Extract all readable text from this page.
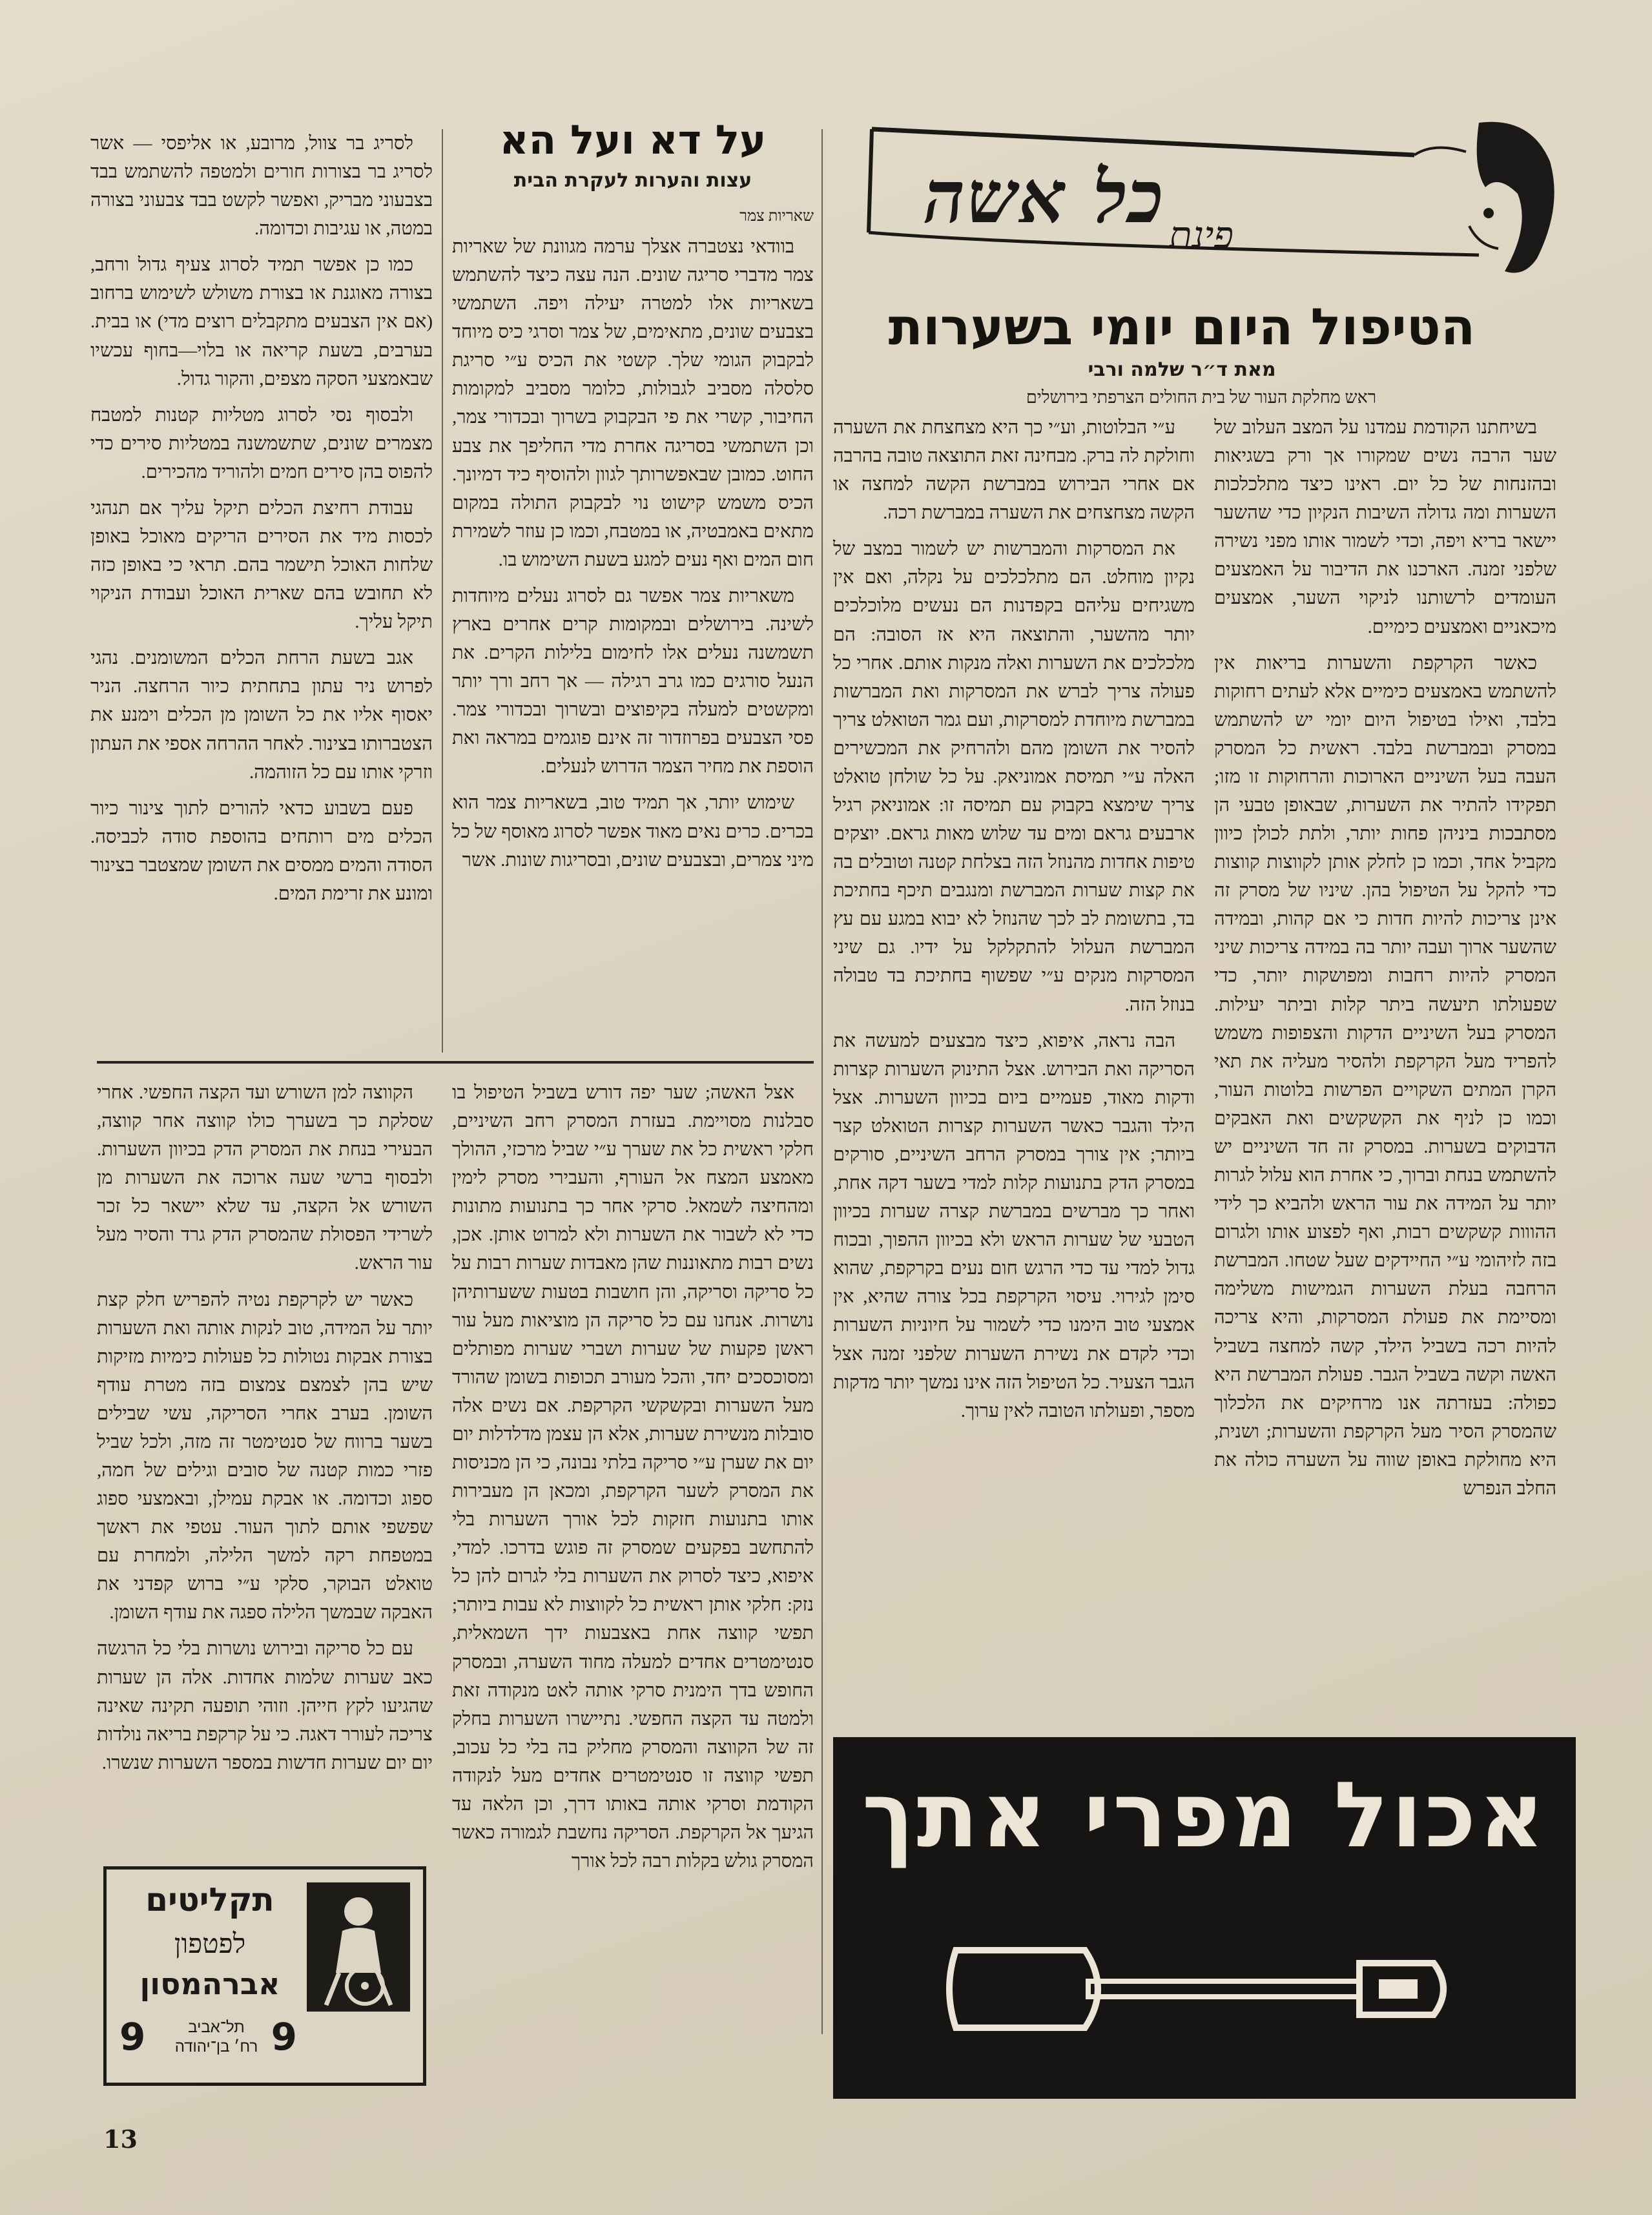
פינת
כל אשה
הטיפול היום יומי בשערות
מאת ד״ר שלמה ורבי
ראש מחלקת העור של בית החולים הצרפתי בירושלים

בשיחתנו הקודמת עמדנו על המצב העלוב של שער הרבה נשים שמקורו אך ורק בשגיאות ובהזנחות של כל יום. ראינו כיצד מתלכלכות השערות ומה גדולה השיבות הנקיון כדי שהשער יישאר בריא ויפה, וכדי לשמור אותו מפני נשירה שלפני זמנה. הארכנו את הדיבור על האמצעים העומדים לרשותנו לניקוי השער, אמצעים מיכאניים ואמצעים כימיים.

כאשר הקרקפת והשערות בריאות אין להשתמש באמצעים כימיים אלא לעתים רחוקות בלבד, ואילו בטיפול היום יומי יש להשתמש במסרק ובמברשת בלבד. ראשית כל המסרק העבה בעל השיניים הארוכות והרחוקות זו מזו; תפקידו להתיר את השערות, שבאופן טבעי הן מסתבכות ביניהן פחות יותר, ולתת לכולן כיוון מקביל אחד, וכמו כן לחלק אותן לקווצות קווצות כדי להקל על הטיפול בהן. שיניו של מסרק זה אינן צריכות להיות חדות כי אם קהות, ובמידה שהשער ארוך ועבה יותר בה במידה צריכות שיני המסרק להיות רחבות ומפושקות יותר, כדי שפעולתו תיעשה ביתר קלות וביתר יעילות. המסרק בעל השיניים הדקות והצפופות משמש להפריד מעל הקרקפת ולהסיר מעליה את תאי הקרן המתים השקויים הפרשות בלוטות העור, וכמו כן לניף את הקשקשים ואת האבקים הדבוקים בשערות. במסרק זה חד השיניים יש להשתמש בנחת וברוך, כי אחרת הוא עלול לגרות יותר על המידה את עור הראש ולהביא כך לידי ההווות קשקשים רבות, ואף לפצוע אותו ולגרום בזה לזיהומי ע״י החיידקים שעל שטחו. המברשת הרחבה בעלת השערות הגמישות משלימה ומסיימת את פעולת המסרקות, והיא צריכה להיות רכה בשביל הילד, קשה למחצה בשביל האשה וקשה בשביל הגבר. פעולת המברשת היא כפולה: בעזרתה אנו מרחיקים את הלכלוך שהמסרק הסיר מעל הקרקפת והשערות; ושנית, היא מחולקת באופן שווה על השערה כולה את החלב הנפרש

ע״י הבלוטות, וע״י כך היא מצחצחת את השערה וחולקת לה ברק. מבחינה זאת התוצאה טובה בהרבה אם אחרי הבירוש במברשת הקשה למחצה או הקשה מצחצחים את השערה במברשת רכה.

את המסרקות והמברשות יש לשמור במצב של נקיון מוחלט. הם מתלכלכים על נקלה, ואם אין משגיחים עליהם בקפדנות הם נעשים מלוכלכים יותר מהשער, והתוצאה היא אז הסובה: הם מלכלכים את השערות ואלה מנקות אותם. אחרי כל פעולה צריך לברש את המסרקות ואת המברשות במברשת מיוחדת למסרקות, ועם גמר הטואלט צריך להסיר את השומן מהם ולהרחיק את המכשירים האלה ע״י תמיסת אמוניאק. על כל שולחן טואלט צריך שימצא בקבוק עם תמיסה זו: אמוניאק רגיל ארבעים גראם ומים עד שלוש מאות גראם. יוצקים טיפות אחדות מהנוזל הזה בצלחת קטנה וטובלים בה את קצות שערות המברשת ומנגבים תיכף בחתיכת בד, בתשומת לב לכך שהנוזל לא יבוא במגע עם עץ המברשת העלול להתקלקל על ידיו. גם שיני המסרקות מנקים ע״י שפשוף בחתיכת בד טבולה בנוזל הזה.

הבה נראה, איפוא, כיצד מבצעים למעשה את הסריקה ואת הבירוש. אצל התינוק השערות קצרות ודקות מאוד, פעמיים ביום בכיוון השערות. אצל הילד והגבר כאשר השערות קצרות הטואלט קצר ביותר; אין צורך במסרק הרחב השיניים, סורקים במסרק הדק בתנועות קלות למדי בשער דקה אחת, ואחר כך מברשים במברשת קצרה שערות בכיוון הטבעי של שערות הראש ולא בכיוון ההפוך, ובכוח גדול למדי עד כדי הרגש חום נעים בקרקפת, שהוא סימן לגירוי. עיסוי הקרקפת בכל צורה שהיא, אין אמצעי טוב הימנו כדי לשמור על חיוניות השערות וכדי לקדם את נשירת השערות שלפני זמנה אצל הגבר הצעיר. כל הטיפול הזה אינו נמשך יותר מדקות מספר, ופעולתו הטובה לאין ערוך.

על דא ועל הא
עצות והערות לעקרת הבית
שאריות צמר

בוודאי נצטברה אצלך ערמה מגוונת של שאריות צמר מדברי סריגה שונים. הנה עצה כיצד להשתמש בשאריות אלו למטרה יעילה ויפה. השתמשי בצבעים שונים, מתאימים, של צמר וסרגי כיס מיוחד לבקבוק הגומי שלך. קשטי את הכיס ע״י סריגת סלסלה מסביב לגבולות, כלומר מסביב למקומות החיבור, קשרי את פי הבקבוק בשרוך ובכדורי צמר, וכן השתמשי בסריגה אחרת מדי החליפך את צבע החוט. כמובן שבאפשרותך לגוון ולהוסיף כיד דמיונך. הכיס משמש קישוט נוי לבקבוק התולה במקום מתאים באמבטיה, או במטבח, וכמו כן עוזר לשמירת חום המים ואף נעים למגע בשעת השימוש בו.

משאריות צמר אפשר גם לסרוג נעלים מיוחדות לשינה. בירושלים ובמקומות קרים אחרים בארץ תשמשנה נעלים אלו לחימום בלילות הקרים. את הנעל סורגים כמו גרב רגילה — אך רחב ורך יותר ומקשטים למעלה בקיפוצים ובשרוך ובכדורי צמר. פסי הצבעים בפרוזדור זה אינם פוגמים במראה ואת הוספת את מחיר הצמר הדרוש לנעלים.

שימוש יותר, אך תמיד טוב, בשאריות צמר הוא בכרים. כרים נאים מאוד אפשר לסרוג מאוסף של כל מיני צמרים, ובצבעים שונים, ובסריגות שונות. אשר

לסריג בר צוול, מרובע, או אליפסי — אשר לסריג בר בצורות חורים ולמטפה להשתמש בבד בצבעוני מבריק, ואפשר לקשט בבד צבעוני בצורה במטה, או עגיבות וכדומה.

כמו כן אפשר תמיד לסרוג צעיף גדול ורחב, בצורה מאוגנת או בצורת משולש לשימוש ברחוב (אם אין הצבעים מתקבלים רוצים מדי) או בבית. בערבים, בשעת קריאה או בלוי—בחוף עכשיו שבאמצעי הסקה מצפים, והקור גדול.

ולבסוף נסי לסרוג מטליות קטנות למטבח מצמרים שונים, שתשמשנה במטליות סירים כדי להפוס בהן סירים חמים ולהוריד מהכירים.

עבודת רחיצת הכלים תיקל עליך אם תנהגי לכסות מיד את הסירים הריקים מאוכל באופן שלחות האוכל תישמר בהם. תראי כי באופן כזה לא תחובש בהם שארית האוכל ועבודת הניקוי תיקל עליך.

אגב בשעת הרחת הכלים המשומנים. נהגי לפרוש ניר עתון בתחתית כיור הרחצה. הניר יאסוף אליו את כל השומן מן הכלים וימנע את הצטברותו בצינור. לאחר ההרחה אספי את העתון וזרקי אותו עם כל הזוהמה.

פעם בשבוע כדאי להורים לתוך צינור כיור הכלים מים רותחים בהוספת סודה לכביסה. הסודה והמים ממסים את השומן שמצטבר בצינור ומונע את זרימת המים.

אצל האשה; שער יפה דורש בשביל הטיפול בו סבלנות מסויימת. בעזרת המסרק רחב השיניים, חלקי ראשית כל את שערך ע״י שביל מרכזי, ההולך מאמצע המצח אל העורף, והעבירי מסרק לימין ומהחיצה לשמאל. סרקי אחר כך בתנועות מתונות כדי לא לשבור את השערות ולא למרוט אותן. אכן, נשים רבות מתאוננות שהן מאבדות שערות רבות על כל סריקה וסריקה, והן חושבות בטעות ששערותיהן נושרות. אנחנו עם כל סריקה הן מוציאות מעל עור ראשן פקעות של שערות ושברי שערות מפותלים ומסוכסכים יחד, והכל מעורב תכופות בשומן שהורד מעל השערות ובקשקשי הקרקפת. אם נשים אלה סובלות מנשירת שערות, אלא הן עצמן מדלדלות יום יום את שערן ע״י סריקה בלתי נבונה, כי הן מכניסות את המסרק לשער הקרקפת, ומכאן הן מעבירות אותו בתנועות חזקות לכל אורך השערות בלי להתחשב בפקעים שמסרק זה פוגש בדרכו. למדי, איפוא, כיצד לסרוק את השערות בלי לגרום להן כל נזק: חלקי אותן ראשית כל לקווצות לא עבות ביותר; תפשי קווצה אחת באצבעות ידך השמאלית, סנטימטרים אחדים למעלה מחוד השערה, ובמסרק החופש בדך הימנית סרקי אותה לאט מנקודה זאת ולמטה עד הקצה החפשי. נתיישרו השערות בחלק זה של הקווצה והמסרק מחליק בה בלי כל עכוב, תפשי קווצה זו סנטימטרים אחדים מעל לנקודה הקודמת וסרקי אותה באותו דרך, וכן הלאה עד הגיעך אל הקרקפת. הסריקה נחשבת לגמורה כאשר המסרק גולש בקלות רבה לכל אורך

הקווצה למן השורש ועד הקצה החפשי. אחרי שסלקת כך בשערך כולו קווצה אחר קווצה, הבעירי בנחת את המסרק הדק בכיוון השערות. ולבסוף ברשי שעה ארוכה את השערות מן השורש אל הקצה, עד שלא יישאר כל זכר לשרידי הפסולת שהמסרק הדק גרד והסיר מעל עור הראש.

כאשר יש לקרקפת נטיה להפריש חלק קצת יותר על המידה, טוב לנקות אותה ואת השערות בצורת אבקות נטולות כל פעולות כימיות מזיקות שיש בהן לצמצם צמצום בזה מטרת עודף השומן. בערב אחרי הסריקה, עשי שבילים בשער ברווח של סנטימטר זה מזה, ולכל שביל פזרי כמות קטנה של סובים וגילים של חמה, ספוג וכדומה. או אבקת עמילן, ובאמצעי ספוג שפשפי אותם לתוך העור. עטפי את ראשך במטפחת רקה למשך הלילה, ולמחרת עם טואלט הבוקר, סלקי ע״י ברוש קפדני את האבקה שבמשך הלילה ספגה את עודף השומן.

עם כל סריקה ובירוש נושרות בלי כל הרגשה כאב שערות שלמות אחדות. אלה הן שערות שהגיעו לקץ חייהן. וזוהי תופעה תקינה שאינה צריכה לעורר דאגה. כי על קרקפת בריאה נולדות יום יום שערות חדשות במספר השערות שנשרו.

תקליטים
לפטפון
אברהמסון
9
תל־אביב
רח׳ בן־יהודה
9
אכול מפרי אתך
13
